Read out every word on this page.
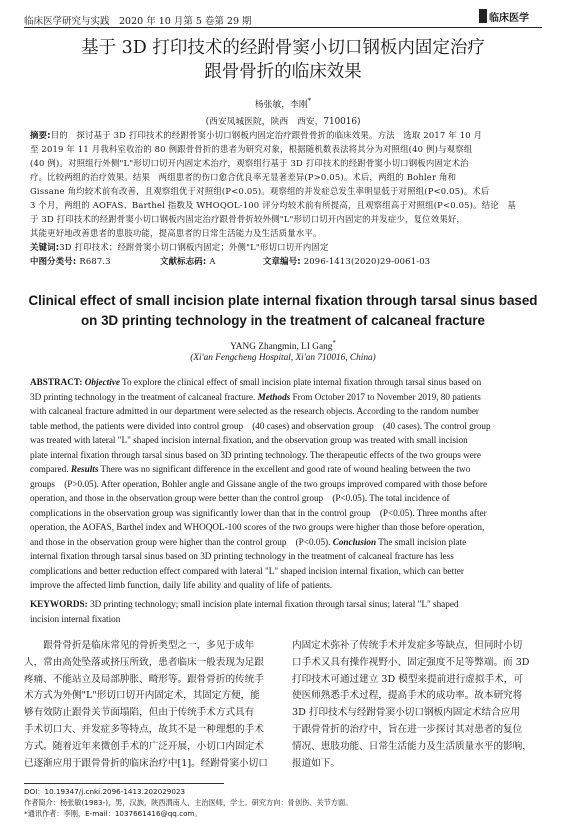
临床医学研究与实践　2020 年 10 月第 5 卷第 29 期	临床医学
基于 3D 打印技术的经跗骨窦小切口钢板内固定治疗
跟骨骨折的临床效果
杨张敏，李刚*
(西安凤城医院，陕西　西安，710016)
摘要:目的　探讨基于 3D 打印技术的经跗骨窦小切口钢板内固定治疗跟骨骨折的临床效果。方法　选取 2017 年 10 月
至 2019 年 11 月我科室收治的 80 例跟骨骨折的患者为研究对象，根据随机数表法将其分为对照组(40 例)与观察组
(40 例)。对照组行外侧"L"形切口切开内固定术治疗，观察组行基于 3D 打印技术的经跗骨窦小切口钢板内固定术治
疗。比较两组的治疗效果。结果　两组患者的伤口愈合优良率无显著差异(P>0.05)。术后，两组的 Bohler 角和
Gissane 角均较术前有改善，且观察组优于对照组(P<0.05)。观察组的并发症总发生率明显低于对照组(P<0.05)。术后
3 个月，两组的 AOFAS、Barthel 指数及 WHOQOL-100 评分均较术前有所提高，且观察组高于对照组(P<0.05)。结论　基
于 3D 打印技术的经跗骨窦小切口钢板内固定治疗跟骨骨折较外侧"L"形切口切开内固定的并发症少，复位效果好，
其能更好地改善患者的患肢功能，提高患者的日常生活能力及生活质量水平。
关键词:3D 打印技术；经跗骨窦小切口钢板内固定；外侧"L"形切口切开内固定
中图分类号: R687.3	文献标志码: A	文章编号: 2096-1413(2020)29-0061-03
Clinical effect of small incision plate internal fixation through tarsal sinus based
on 3D printing technology in the treatment of calcaneal fracture
YANG Zhangmin, LI Gang*
(Xi'an Fengcheng Hospital, Xi'an 710016, China)
ABSTRACT: Objective To explore the clinical effect of small incision plate internal fixation through tarsal sinus based on
3D printing technology in the treatment of calcaneal fracture. Methods From October 2017 to November 2019, 80 patients
with calcaneal fracture admitted in our department were selected as the research objects. According to the random number
table method, the patients were divided into control group　(40 cases) and observation group　(40 cases). The control group
was treated with lateral "L" shaped incision internal fixation, and the observation group was treated with small incision
plate internal fixation through tarsal sinus based on 3D printing technology. The therapeutic effects of the two groups were
compared. Results There was no significant difference in the excellent and good rate of wound healing between the two
groups　(P>0.05). After operation, Bohler angle and Gissane angle of the two groups improved compared with those before
operation, and those in the observation group were better than the control group　(P<0.05). The total incidence of
complications in the observation group was significantly lower than that in the control group　(P<0.05). Three months after
operation, the AOFAS, Barthel index and WHOQOL-100 scores of the two groups were higher than those before operation,
and those in the observation group were higher than the control group　(P<0.05). Conclusion The small incision plate
internal fixation through tarsal sinus based on 3D printing technology in the treatment of calcaneal fracture has less
complications and better reduction effect compared with lateral "L" shaped incision internal fixation, which can better
improve the affected limb function, daily life ability and quality of life of patients.
KEYWORDS: 3D printing technology; small incision plate internal fixation through tarsal sinus; lateral "L" shaped
incision internal fixation
　　跟骨骨折是临床常见的骨折类型之一，多见于成年
人，常由高处坠落或挤压所致，患者临床一般表现为足跟
疼痛、不能站立及局部肿胀、畸形等。跟骨骨折的传统手
术方式为外侧"L"形切口切开内固定术，其固定方便，能
够有效防止跟骨关节面塌陷，但由于传统手术方式具有
手术切口大、并发症多等特点，故其不是一种理想的手术
方式。随着近年来微创手术的广泛开展，小切口内固定术
已逐渐应用于跟骨骨折的临床治疗中[1]。经跗骨窦小切口
内固定术弥补了传统手术并发症多等缺点，但同时小切
口手术又具有操作视野小、固定强度不足等弊端。而 3D
打印技术可通过建立 3D 模型来提前进行虚拟手术，可
使医师熟悉手术过程，提高手术的成功率。故本研究将
3D 打印技术与经跗骨窦小切口钢板内固定术结合应用
于跟骨骨折的治疗中，旨在进一步探讨其对患者的复位
情况、患肢功能、日常生活能力及生活质量水平的影响，
报道如下。
DOI：10.19347/j.cnki.2096-1413.202029023
作者简介：杨张敏(1983-)，男，汉族，陕西渭南人，主治医师，学士。研究方向：骨创伤、关节方面。
*通讯作者：李刚，E-mail：1037661416@qq.com。
